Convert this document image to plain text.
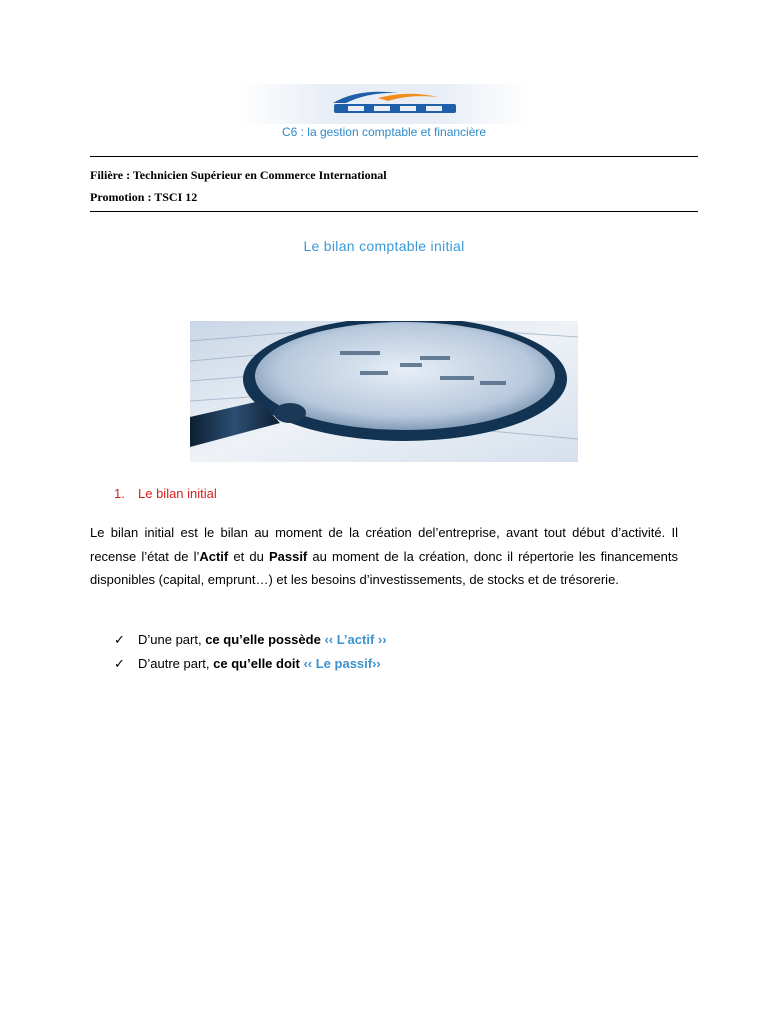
C6 : la gestion comptable et financière
Filière : Technicien Supérieur en Commerce International
Promotion : TSCI 12
Le bilan comptable initial
1. Le bilan initial
Le bilan initial est le bilan au moment de la création del’entreprise, avant tout début d’activité. Il recense l’état de l’Actif et du Passif au moment de la création, donc il répertorie les financements disponibles (capital, emprunt…) et les besoins d’investissements, de stocks et de trésorerie.
✓ D’une part, ce qu’elle possède ‹‹ L’actif ››
✓ D’autre part, ce qu’elle doit ‹‹ Le passif››
